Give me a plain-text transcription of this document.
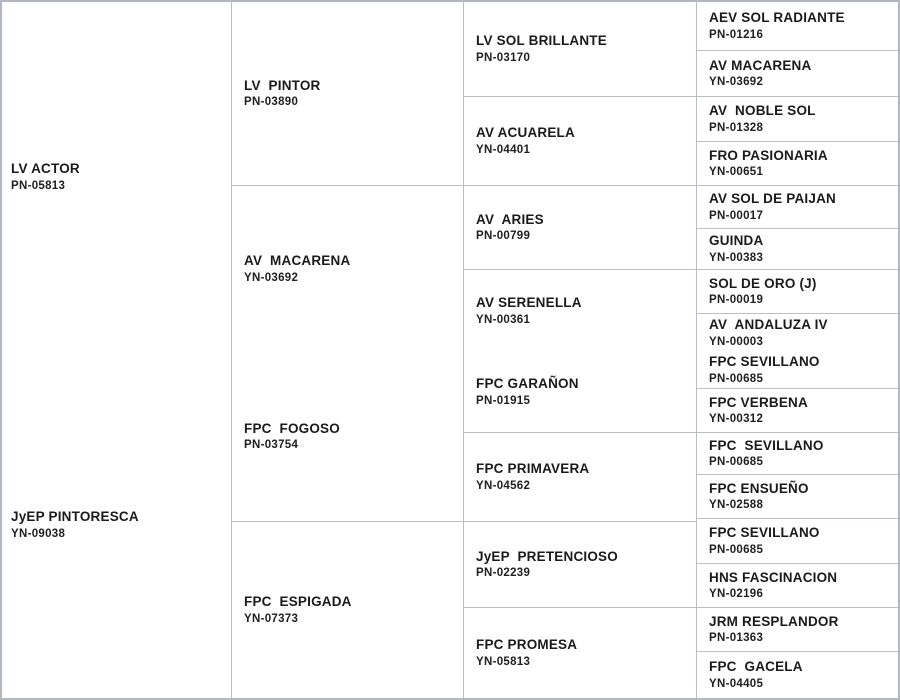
LV ACTOR
PN-05813
JyEP PINTORESCA
YN-09038
LV  PINTOR
PN-03890
AV  MACARENA
YN-03692
FPC  FOGOSO
PN-03754
FPC  ESPIGADA
YN-07373
LV SOL BRILLANTE
PN-03170
AV ACUARELA
YN-04401
AV  ARIES
PN-00799
AV SERENELLA
YN-00361
FPC GARAÑON
PN-01915
FPC PRIMAVERA
YN-04562
JyEP  PRETENCIOSO
PN-02239
FPC PROMESA
YN-05813
AEV SOL RADIANTE
PN-01216
AV MACARENA
YN-03692
AV  NOBLE SOL
PN-01328
FRO PASIONARIA
YN-00651
AV SOL DE PAIJAN
PN-00017
GUINDA
YN-00383
SOL DE ORO (J)
PN-00019
AV  ANDALUZA IV
YN-00003
FPC SEVILLANO
PN-00685
FPC VERBENA
YN-00312
FPC  SEVILLANO
PN-00685
FPC ENSUEÑO
YN-02588
FPC SEVILLANO
PN-00685
HNS FASCINACION
YN-02196
JRM RESPLANDOR
PN-01363
FPC  GACELA
YN-04405
